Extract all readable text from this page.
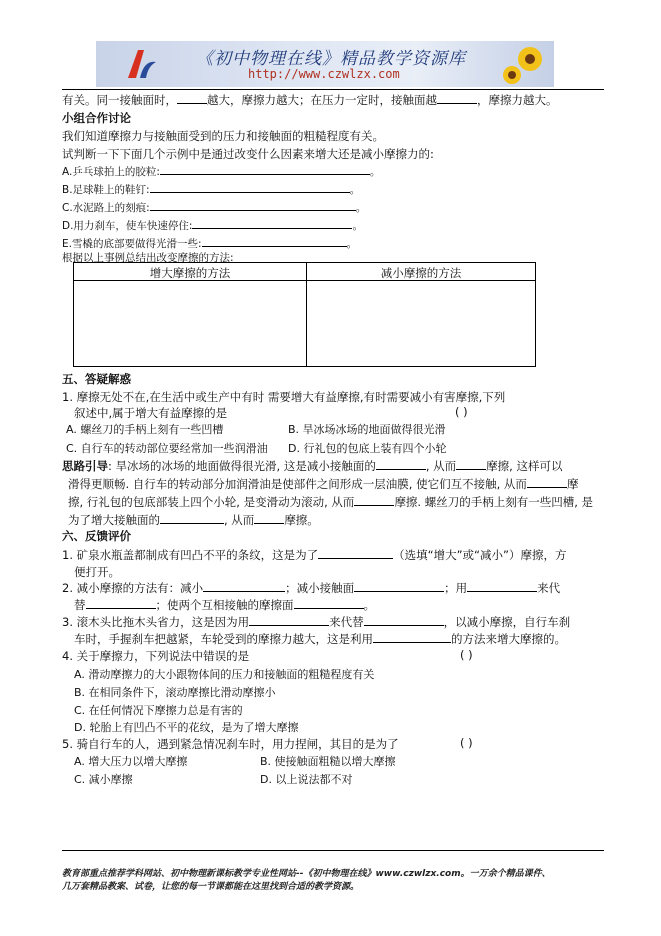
《初中物理在线》精品教学资源库
http://www.czwlzx.com
有关。同一接触面时，	越大，摩擦力越大；在压力一定时，接触面越	，摩擦力越大。
小组合作讨论
我们知道摩擦力与接触面受到的压力和接触面的粗糙程度有关。
试判断一下下面几个示例中是通过改变什么因素来增大还是减小摩擦力的:
A.乒乓球拍上的胶粒:	。
B.足球鞋上的鞋钉:	。
C.水泥路上的刻痕:	。
D.用力刹车，使车快速停住:	。
E.雪橇的底部要做得光滑一些:	。
根据以上事例总结出改变摩擦的方法:
增大摩擦的方法	减小摩擦的方法
五、答疑解惑
1. 摩擦无处不在,在生活中或生产中有时 需要增大有益摩擦,有时需要减小有害摩擦,下列
叙述中,属于增大有益摩擦的是	( )
A. 螺丝刀的手柄上刻有一些凹槽	B. 旱冰场冰场的地面做得很光滑
C. 自行车的转动部位要经常加一些润滑油 D. 行礼包的包底上装有四个小轮
思路引导: 旱冰场的冰场的地面做得很光滑, 这是减小接触面的	, 从而	摩擦, 这样可以
滑得更顺畅. 自行车的转动部分加润滑油是使部件之间形成一层油膜, 使它们互不接触, 从而	摩
擦, 行礼包的包底部装上四个小轮, 是变滑动为滚动, 从而	摩擦. 螺丝刀的手柄上刻有一些凹槽, 是
为了增大接触面的	, 从而	摩擦。
六、反馈评价
1. 矿泉水瓶盖都制成有凹凸不平的条纹，这是为了	（选填“增大”或“减小”）摩擦，方
便打开。
2. 减小摩擦的方法有：减小	；减小接触面	；用	来代
替	；使两个互相接触的摩擦面	。
3. 滚木头比拖木头省力，这是因为用	来代替	，以减小摩擦，自行车刹
车时，手握刹车把越紧，车轮受到的摩擦力越大，这是利用	的方法来增大摩擦的。
4. 关于摩擦力，下列说法中错误的是	( )
A. 滑动摩擦力的大小跟物体间的压力和接触面的粗糙程度有关
B. 在相同条件下，滚动摩擦比滑动摩擦小
C. 在任何情况下摩擦力总是有害的
D. 轮胎上有凹凸不平的花纹，是为了增大摩擦
5. 骑自行车的人，遇到紧急情况刹车时，用力捏闸，其目的是为了	( )
A. 增大压力以增大摩擦	B. 使接触面粗糙以增大摩擦
C. 减小摩擦	D. 以上说法都不对
教育部重点推荐学科网站、初中物理新课标教学专业性网站--《初中物理在线》www.czwlzx.com。一万余个精品课件、
几万套精品教案、试卷，让您的每一节课都能在这里找到合适的教学资源。
